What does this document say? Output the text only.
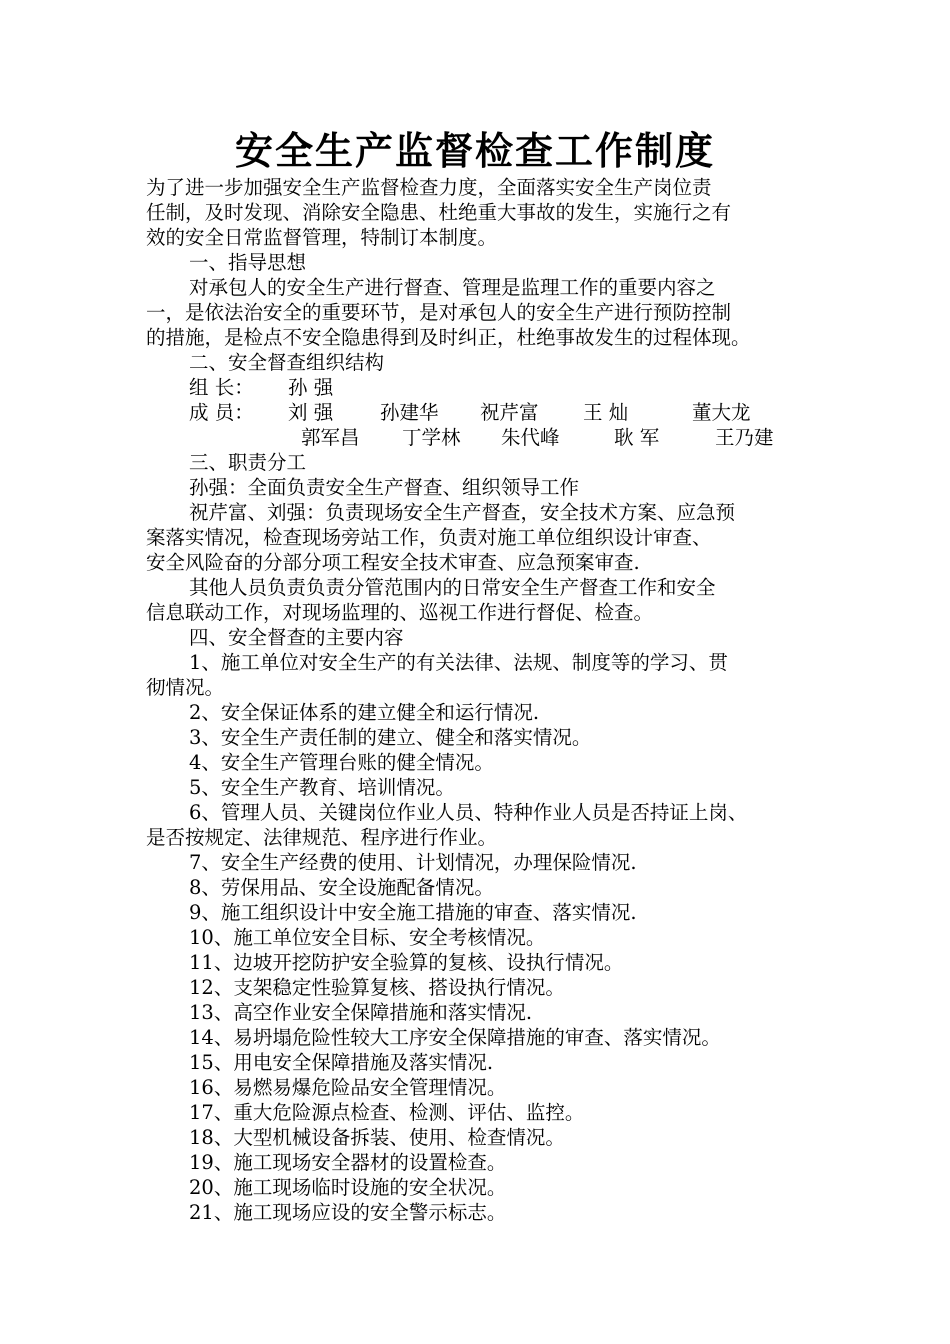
安全生产监督检查工作制度
为了进一步加强安全生产监督检查力度，全面落实安全生产岗位责
任制，及时发现、消除安全隐患、杜绝重大事故的发生，实施行之有
效的安全日常监督管理，特制订本制度。
一、指导思想
对承包人的安全生产进行督查、管理是监理工作的重要内容之
一，是依法治安全的重要环节，是对承包人的安全生产进行预防控制
的措施，是检点不安全隐患得到及时纠正，杜绝事故发生的过程体现。
二、安全督查组织结构
组 长： 孙 强
成 员： 刘 强 孙建华 祝芹富 王 灿	董大龙
郭军昌 丁学林 朱代峰	耿 军	王乃建
三、职责分工
孙强：全面负责安全生产督查、组织领导工作
祝芹富、刘强：负责现场安全生产督查，安全技术方案、应急预
案落实情况，检查现场旁站工作，负责对施工单位组织设计审查、
安全风险奋的分部分项工程安全技术审查、应急预案审查.
其他人员负责负责分管范围内的日常安全生产督查工作和安全
信息联动工作，对现场监理的、巡视工作进行督促、检查。
四、安全督查的主要内容
1、施工单位对安全生产的有关法律、法规、制度等的学习、贯
彻情况。
2、安全保证体系的建立健全和运行情况.
3、安全生产责任制的建立、健全和落实情况。
4、安全生产管理台账的健全情况。
5、安全生产教育、培训情况。
6、管理人员、关键岗位作业人员、特种作业人员是否持证上岗、
是否按规定、法律规范、程序进行作业。
7、安全生产经费的使用、计划情况，办理保险情况.
8、劳保用品、安全设施配备情况。
9、施工组织设计中安全施工措施的审查、落实情况.
10、施工单位安全目标、安全考核情况。
11、边坡开挖防护安全验算的复核、设执行情况。
12、支架稳定性验算复核、搭设执行情况。
13、高空作业安全保障措施和落实情况.
14、易坍塌危险性较大工序安全保障措施的审查、落实情况。
15、用电安全保障措施及落实情况.
16、易燃易爆危险品安全管理情况。
17、重大危险源点检查、检测、评估、监控。
18、大型机械设备拆装、使用、检查情况。
19、施工现场安全器材的设置检查。
20、施工现场临时设施的安全状况。
21、施工现场应设的安全警示标志。
